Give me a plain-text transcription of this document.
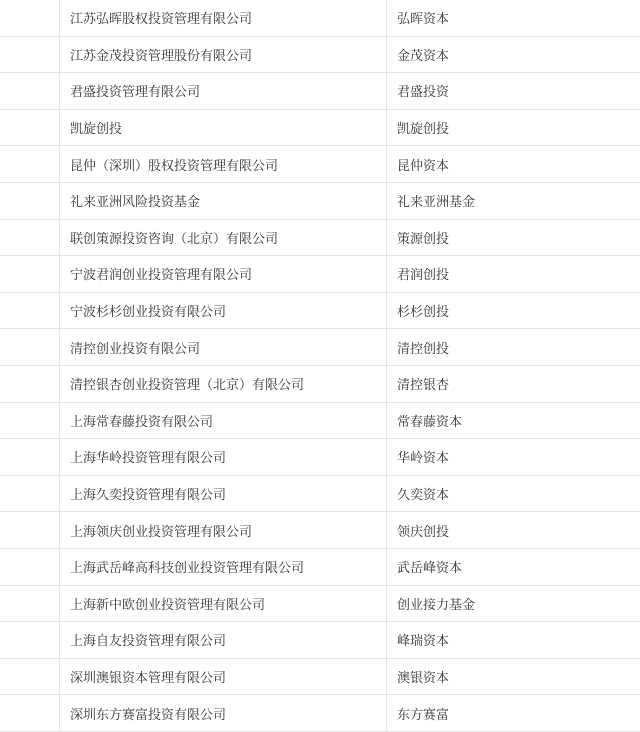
江苏弘晖股权投资管理有限公司	弘晖资本
江苏金茂投资管理股份有限公司	金茂资本
君盛投资管理有限公司	君盛投资
凯旋创投	凯旋创投
昆仲（深圳）股权投资管理有限公司	昆仲资本
礼来亚洲风险投资基金	礼来亚洲基金
联创策源投资咨询（北京）有限公司	策源创投
宁波君润创业投资管理有限公司	君润创投
宁波杉杉创业投资有限公司	杉杉创投
清控创业投资有限公司	清控创投
清控银杏创业投资管理（北京）有限公司	清控银杏
上海常春藤投资有限公司	常春藤资本
上海华岭投资管理有限公司	华岭资本
上海久奕投资管理有限公司	久奕资本
上海领庆创业投资管理有限公司	领庆创投
上海武岳峰高科技创业投资管理有限公司	武岳峰资本
上海新中欧创业投资管理有限公司	创业接力基金
上海自友投资管理有限公司	峰瑞资本
深圳澳银资本管理有限公司	澳银资本
深圳东方赛富投资有限公司	东方赛富
